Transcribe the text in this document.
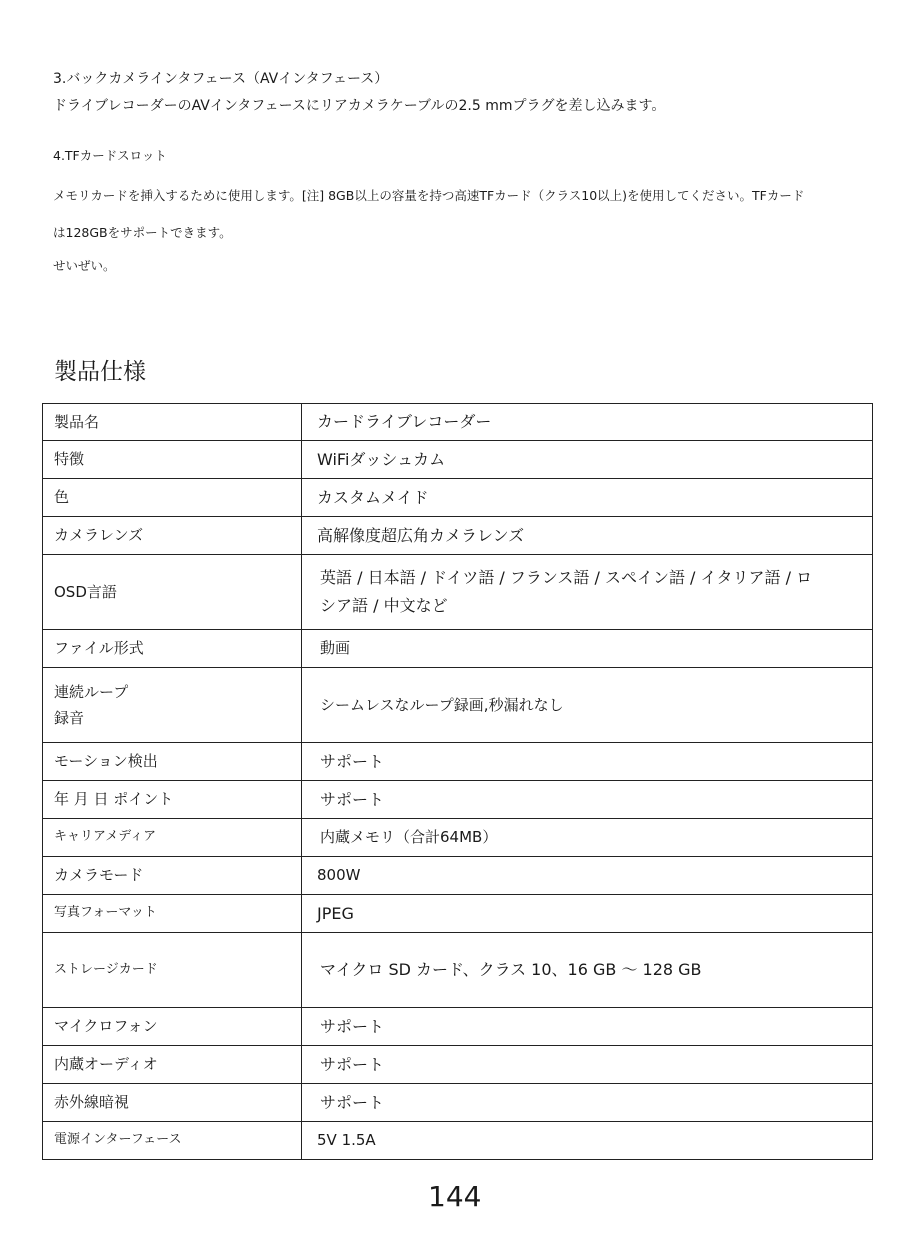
3.バックカメラインタフェース（AVインタフェース）
ドライブレコーダーのAVインタフェースにリアカメラケーブルの2.5 mmプラグを差し込みます。
4.TFカードスロット
メモリカードを挿入するために使用します。[注] 8GB以上の容量を持つ高速TFカード（クラス10以上)を使用してください。TFカード
は128GBをサポートできます。
せいぜい。
製品仕様
製品名	カードライブレコーダー
特徴	WiFiダッシュカム
色	カスタムメイド
カメラレンズ	高解像度超広角カメラレンズ
OSD言語	英語 / 日本語 / ドイツ語 / フランス語 / スペイン語 / イタリア語 / ロ
シア語 / 中文など

ファイル形式	動画

連続ループ
録音	シームレスなループ録画,秒漏れなし
モーション検出	サポート
年 月 日 ポイント	サポート
キャリアメディア	内蔵メモリ（合計64MB）
カメラモード	800W
写真フォーマット	JPEG
ストレージカード	マイクロ SD カード、クラス 10、16 GB ～ 128 GB
マイクロフォン	サポート
内蔵オーディオ	サポート
赤外線暗視	サポート
電源インターフェース	5V 1.5A
144
